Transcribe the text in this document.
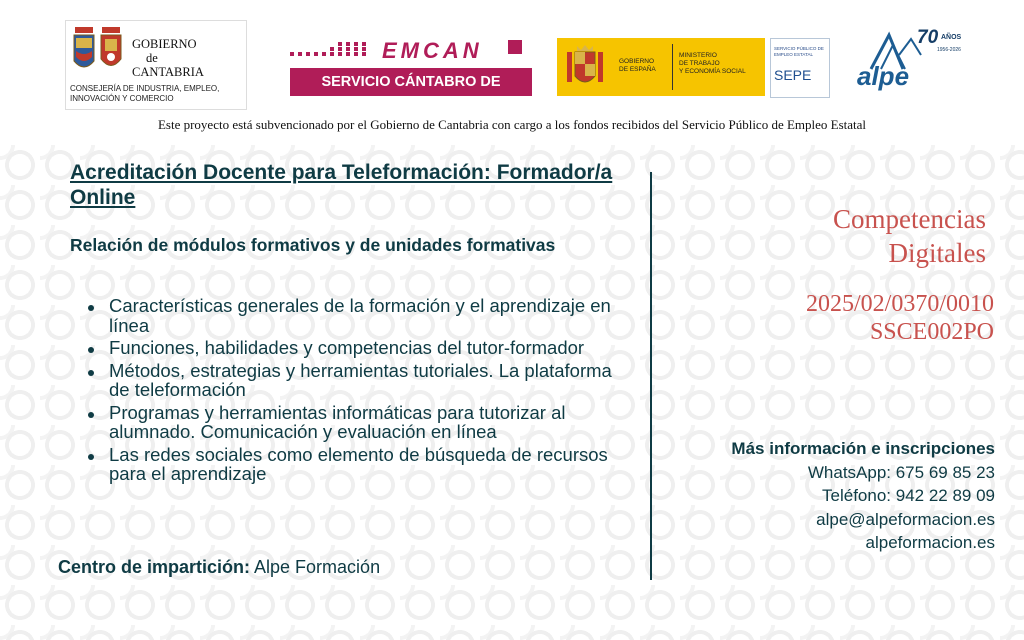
GOBIERNO
de
CANTABRIA
CONSEJERÍA DE INDUSTRIA, EMPLEO, INNOVACIÓN Y COMERCIO
EMCAN
SERVICIO CÁNTABRO DE EMPLEO
GOBIERNO
DE ESPAÑA
MINISTERIO
DE TRABAJO
Y ECONOMÍA SOCIAL
SERVICIO PÚBLICO DE EMPLEO ESTATAL
SEPE alpe
70 AÑOS
1956-2026
Este proyecto está subvencionado por el Gobierno de Cantabria con cargo a los fondos recibidos del Servicio Público de Empleo Estatal
Acreditación Docente para Teleformación: Formador/a Online
Relación de módulos formativos y de unidades formativas
Características generales de la formación y el aprendizaje en línea
Funciones, habilidades y competencias del tutor-formador
Métodos, estrategias y herramientas tutoriales. La plataforma de teleformación
Programas y herramientas informáticas para tutorizar al alumnado. Comunicación y evaluación en línea
Las redes sociales como elemento de búsqueda de recursos para el aprendizaje
Centro de impartición: Alpe Formación
Competencias
Digitales
2025/02/0370/0010
SSCE002PO
Más información e inscripciones
WhatsApp: 675 69 85 23
Teléfono: 942 22 89 09
alpe@alpeformacion.es
alpeformacion.es
